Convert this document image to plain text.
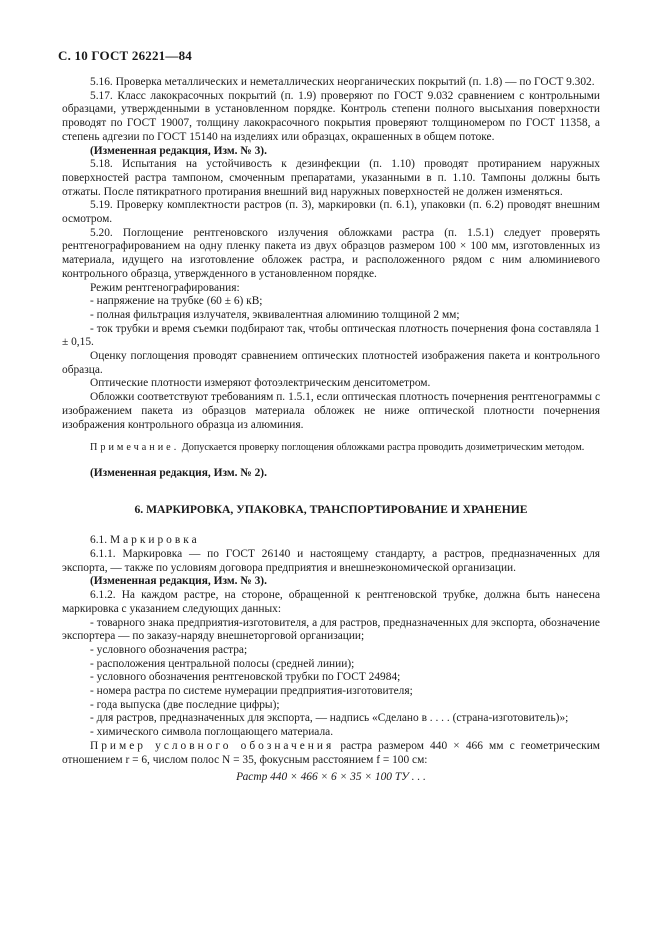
С. 10 ГОСТ 26221—84

5.16. Проверка металлических и неметаллических неорганических покрытий (п. 1.8) — по ГОСТ 9.302.

5.17. Класс лакокрасочных покрытий (п. 1.9) проверяют по ГОСТ 9.032 сравнением с контрольными образцами, утвержденными в установленном порядке. Контроль степени полного высыхания поверхности проводят по ГОСТ 19007, толщину лакокрасочного покрытия проверяют толщиномером по ГОСТ 11358, а степень адгезии по ГОСТ 15140 на изделиях или образцах, окрашенных в общем потоке.

(Измененная редакция, Изм. № 3).

5.18. Испытания на устойчивость к дезинфекции (п. 1.10) проводят протиранием наружных поверхностей растра тампоном, смоченным препаратами, указанными в п. 1.10. Тампоны должны быть отжаты. После пятикратного протирания внешний вид наружных поверхностей не должен изменяться.

5.19. Проверку комплектности растров (п. 3), маркировки (п. 6.1), упаковки (п. 6.2) проводят внешним осмотром.

5.20. Поглощение рентгеновского излучения обложками растра (п. 1.5.1) следует проверять рентгенографированием на одну пленку пакета из двух образцов размером 100 × 100 мм, изготовленных из материала, идущего на изготовление обложек растра, и расположенного рядом с ним алюминиевого контрольного образца, утвержденного в установленном порядке.

Режим рентгенографирования:

- напряжение на трубке (60 ± 6) кВ;

- полная фильтрация излучателя, эквивалентная алюминию толщиной 2 мм;

- ток трубки и время съемки подбирают так, чтобы оптическая плотность почернения фона составляла 1 ± 0,15.

Оценку поглощения проводят сравнением оптических плотностей изображения пакета и контрольного образца.

Оптические плотности измеряют фотоэлектрическим денситометром.

Обложки соответствуют требованиям п. 1.5.1, если оптическая плотность почернения рентгенограммы с изображением пакета из образцов материала обложек не ниже оптической плотности почернения изображения контрольного образца из алюминия.

Примечание. Допускается проверку поглощения обложками растра проводить дозиметрическим методом.

(Измененная редакция, Изм. № 2).

6. МАРКИРОВКА, УПАКОВКА, ТРАНСПОРТИРОВАНИЕ И ХРАНЕНИЕ

6.1. Маркировка

6.1.1. Маркировка — по ГОСТ 26140 и настоящему стандарту, а растров, предназначенных для экспорта, — также по условиям договора предприятия и внешнеэкономической организации.

(Измененная редакция, Изм. № 3).

6.1.2. На каждом растре, на стороне, обращенной к рентгеновской трубке, должна быть нанесена маркировка с указанием следующих данных:

- товарного знака предприятия-изготовителя, а для растров, предназначенных для экспорта, обозначение экспортера — по заказу-наряду внешнеторговой организации;

- условного обозначения растра;

- расположения центральной полосы (средней линии);

- условного обозначения рентгеновской трубки по ГОСТ 24984;

- номера растра по системе нумерации предприятия-изготовителя;

- года выпуска (две последние цифры);

- для растров, предназначенных для экспорта, — надпись «Сделано в . . . . (страна-изготовитель)»;

- химического символа поглощающего материала.

Пример условного обозначения растра размером 440 × 466 мм с геометрическим отношением r = 6, числом полос N = 35, фокусным расстоянием f = 100 см:

Растр 440 × 466 × 6 × 35 × 100 ТУ . . .
